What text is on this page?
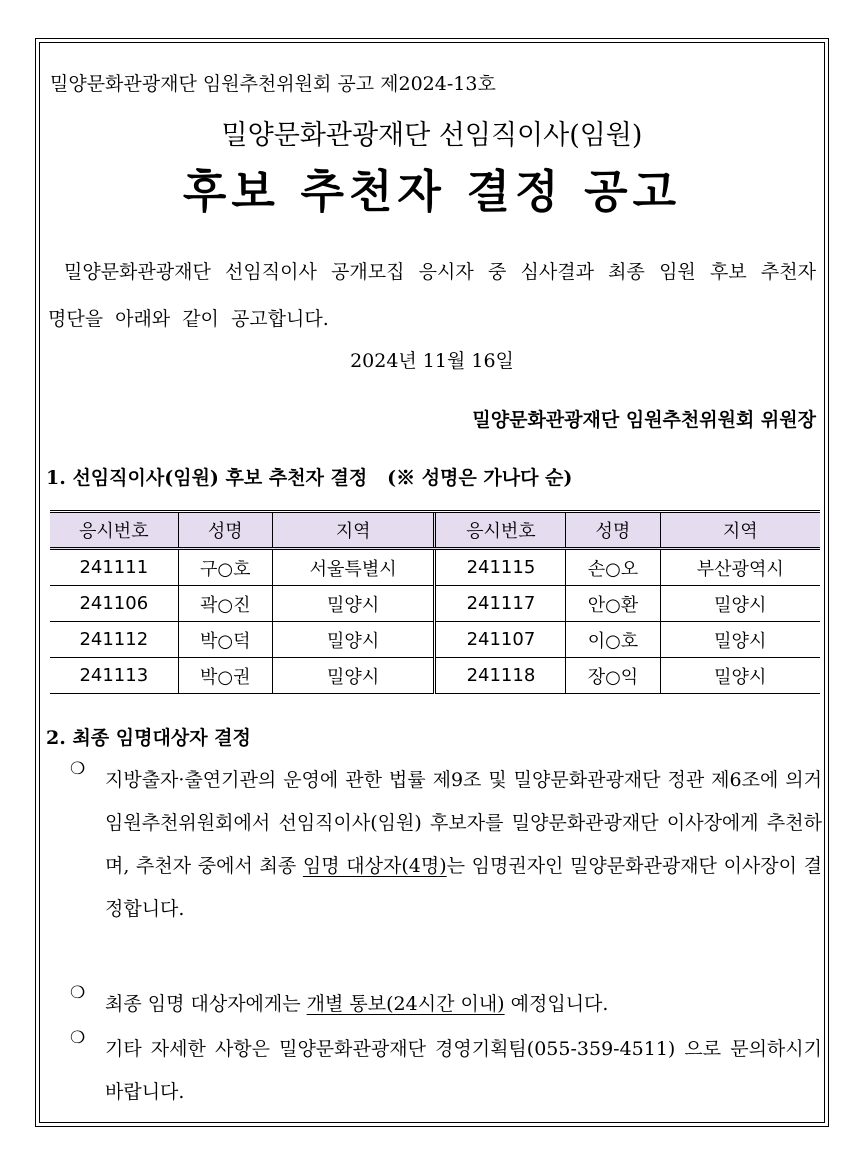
밀양문화관광재단 임원추천위원회 공고 제2024-13호
밀양문화관광재단 선임직이사(임원)
후보 추천자 결정 공고
밀양문화관광재단 선임직이사 공개모집 응시자 중 심사결과 최종 임원 후보 추천자 명단을 아래와 같이 공고합니다.
2024년 11월 16일
밀양문화관광재단 임원추천위원회 위원장
1. 선임직이사(임원) 후보 추천자 결정 (※ 성명은 가나다 순)
응시번호	성명	지역	응시번호	성명	지역
241111	구○호	서울특별시	241115	손○오	부산광역시
241106	곽○진	밀양시	241117	안○환	밀양시
241112	박○덕	밀양시	241107	이○호	밀양시
241113	박○권	밀양시	241118	장○익	밀양시
2. 최종 임명대상자 결정
❍ 지방출자·출연기관의 운영에 관한 법률 제9조 및 밀양문화관광재단 정관 제6조에 의거 임원추천위원회에서 선임직이사(임원) 후보자를 밀양문화관광재단 이사장에게 추천하며, 추천자 중에서 최종 임명 대상자(4명)는 임명권자인 밀양문화관광재단 이사장이 결정합니다.
❍ 최종 임명 대상자에게는 개별 통보(24시간 이내) 예정입니다.
❍ 기타 자세한 사항은 밀양문화관광재단 경영기획팀(055-359-4511) 으로 문의하시기 바랍니다.
